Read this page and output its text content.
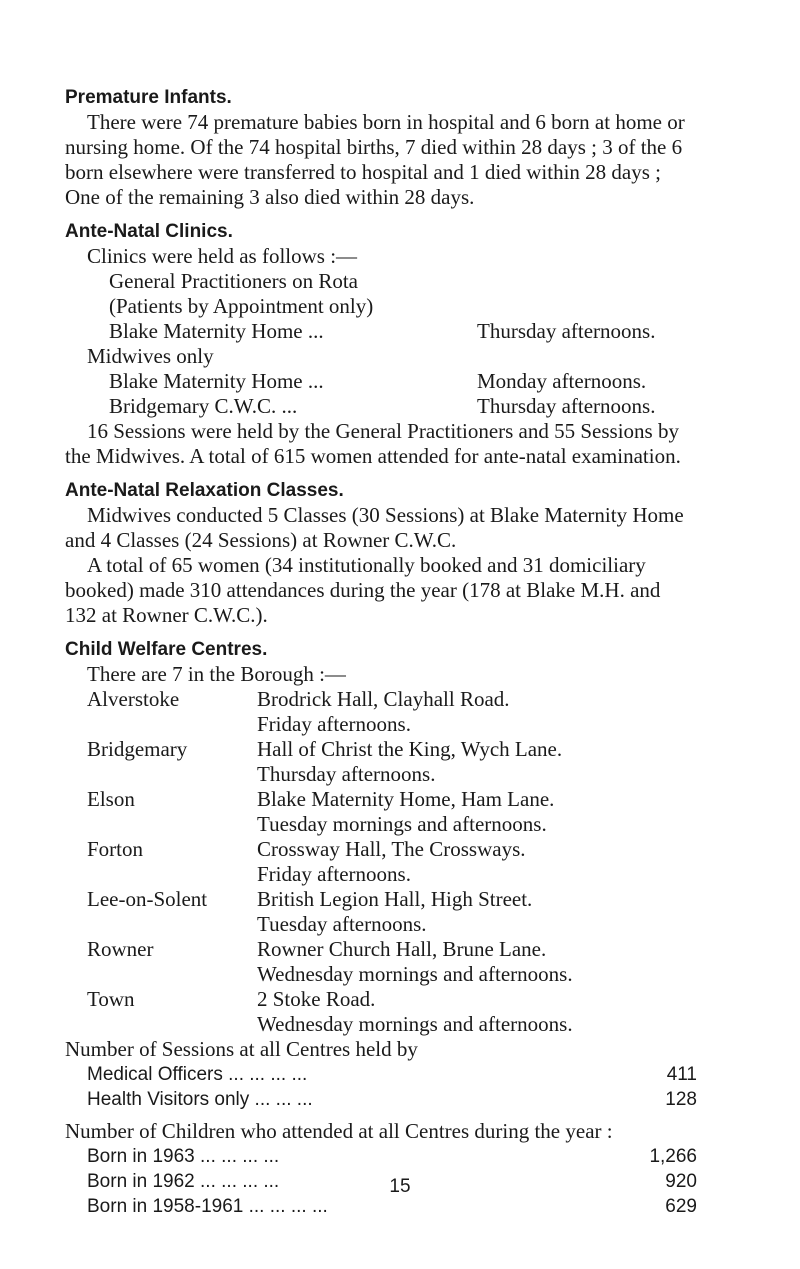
Premature Infants.

There were 74 premature babies born in hospital and 6 born at home or nursing home. Of the 74 hospital births, 7 died within 28 days ; 3 of the 6 born elsewhere were transferred to hospital and 1 died within 28 days ; One of the remaining 3 also died within 28 days.

Ante-Natal Clinics.
Clinics were held as follows :—
General Practitioners on Rota
(Patients by Appointment only)
Blake Maternity Home ...	Thursday afternoons.
Midwives only
Blake Maternity Home ...	Monday afternoons.
Bridgemary C.W.C. ...	Thursday afternoons.

16 Sessions were held by the General Practitioners and 55 Sessions by the Midwives. A total of 615 women attended for ante-natal examination.

Ante-Natal Relaxation Classes.

Midwives conducted 5 Classes (30 Sessions) at Blake Maternity Home and 4 Classes (24 Sessions) at Rowner C.W.C.

A total of 65 women (34 institutionally booked and 31 domiciliary booked) made 310 attendances during the year (178 at Blake M.H. and 132 at Rowner C.W.C.).

Child Welfare Centres.
There are 7 in the Borough :—
Alverstoke	Brodrick Hall, Clayhall Road.
Friday afternoons.
Bridgemary	Hall of Christ the King, Wych Lane.
Thursday afternoons.
Elson	Blake Maternity Home, Ham Lane.
Tuesday mornings and afternoons.
Forton	Crossway Hall, The Crossways.
Friday afternoons.
Lee-on-Solent	British Legion Hall, High Street.
Tuesday afternoons.
Rowner	Rowner Church Hall, Brune Lane.
Wednesday mornings and afternoons.
Town	2 Stoke Road.
Wednesday mornings and afternoons.
Number of Sessions at all Centres held by
Medical Officers ... ... ... ...	411
Health Visitors only ... ... ...	128
Number of Children who attended at all Centres during the year :
Born in 1963 ... ... ... ...	1,266
Born in 1962 ... ... ... ...	920
Born in 1958-1961 ... ... ... ...	629
15
